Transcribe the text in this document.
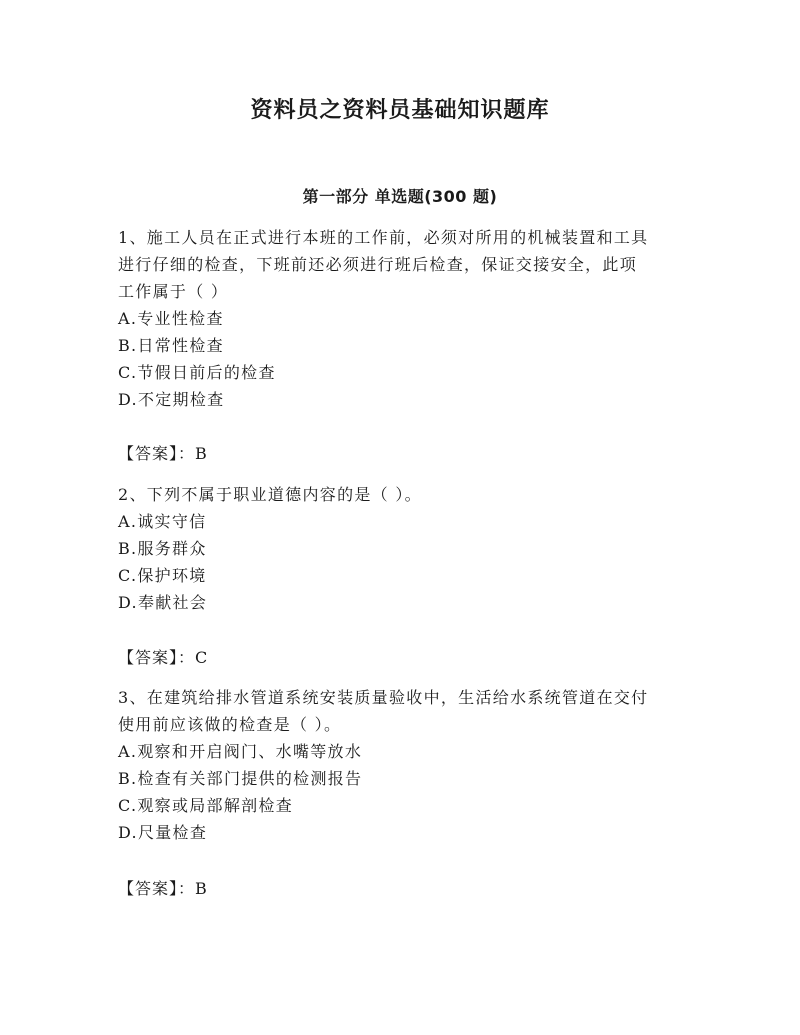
资料员之资料员基础知识题库
第一部分 单选题(300 题)
1、施工人员在正式进行本班的工作前，必须对所用的机械装置和工具
进行仔细的检查，下班前还必须进行班后检查，保证交接安全，此项
工作属于（ ）
A.专业性检查
B.日常性检查
C.节假日前后的检查
D.不定期检查
【答案】：B
2、下列不属于职业道德内容的是（ ）。
A.诚实守信
B.服务群众
C.保护环境
D.奉献社会
【答案】：C
3、在建筑给排水管道系统安装质量验收中，生活给水系统管道在交付
使用前应该做的检查是（ ）。
A.观察和开启阀门、水嘴等放水
B.检查有关部门提供的检测报告
C.观察或局部解剖检查
D.尺量检查
【答案】：B
